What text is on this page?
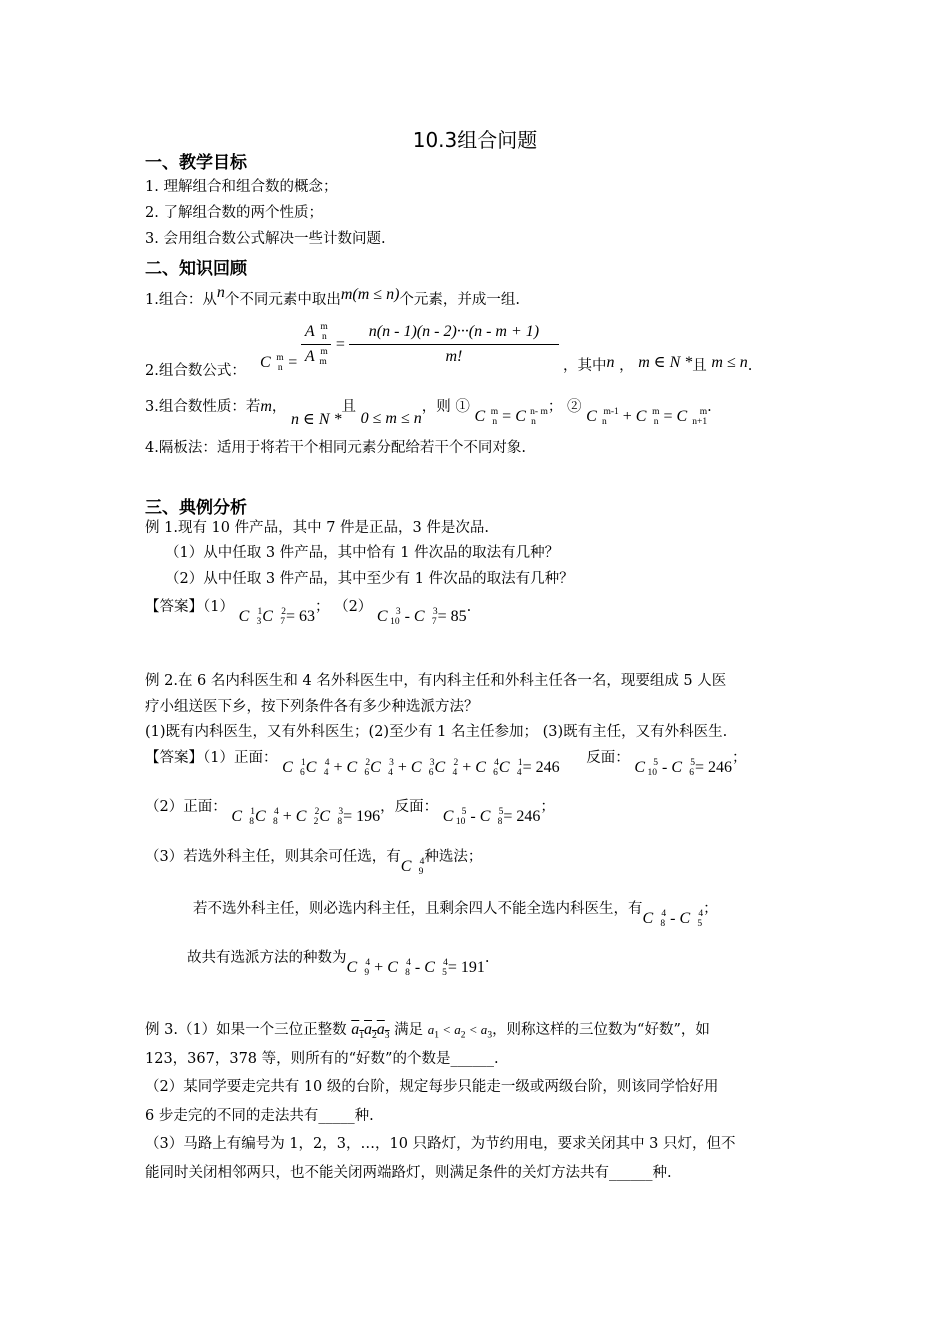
10.3组合问题
一、教学目标
1. 理解组合和组合数的概念；
2. 了解组合数的两个性质；
3. 会用组合数公式解决一些计数问题.
二、知识回顾
1.组合：从n个不同元素中取出m(m ≤ n)个元素，并成一组.
C m
n = A m
n
A m
$m = \frac{n(n - 1)(n - 2)\cdot\cdot\cdot(n - m + 1)}{m!}$
2.组合数公式：	，其中n ， m ∈ N *且 m ≤ n.
3.组合数性质：若m， n ∈ N *且 0 ≤ m ≤ n，则 ① C m
n = C n- m
n
； ② C m-1
n + C m
n = C m
n+1
.
4.隔板法：适用于将若干个相同元素分配给若干个不同对象.
三、典例分析
例 1.现有 10 件产品，其中 7 件是正品，3 件是次品.
（1）从中任取 3 件产品，其中恰有 1 件次品的取法有几种？
（2）从中任取 3 件产品，其中至少有 1 件次品的取法有几种？
【答案】（1） C 1
3 C 2
7 = 63； （2） C 3
10 - C 3
7 = 85.
例 2.在 6 名内科医生和 4 名外科医生中，有内科主任和外科主任各一名，现要组成 5 人医
疗小组送医下乡，按下列条件各有多少种选派方法？
(1)既有内科医生，又有外科医生；(2)至少有 1 名主任参加； (3)既有主任，又有外科医生.
【答案】（1）正面： C 1
6 C 4
4 + C 2
6 C 3
4 + C 3
6 C 2
4 + C 4
6 C 1
4 = 246 反面： C 5
10 - C 5
6 = 246；
（2）正面： C 1
8 C 4
8 + C 2
2 C 3
8 = 196，反面： C 5
10 - C 5
8 = 246；
（3）若选外科主任，则其余可任选，有C 4
9
种选法；
若不选外科主任，则必选内科主任，且剩余四人不能全选内科医生，有C 4
8 - C 4
5
；
故共有选派方法的种数为C 4
9 + C 4
8 - C 4
5 = 191.
例 3.（1）如果一个三位正整数 $a_1a_2a_3$ 满足 $a_1 < a_2 < a_3$，则称这样的三位数为“好数”，如
123，367，378 等，则所有的“好数”的个数是______.
（2）某同学要走完共有 10 级的台阶，规定每步只能走一级或两级台阶，则该同学恰好用
6 步走完的不同的走法共有_____种.
（3）马路上有编号为 1，2，3，…，10 只路灯，为节约用电，要求关闭其中 3 只灯，但不
能同时关闭相邻两只，也不能关闭两端路灯，则满足条件的关灯方法共有______种.
